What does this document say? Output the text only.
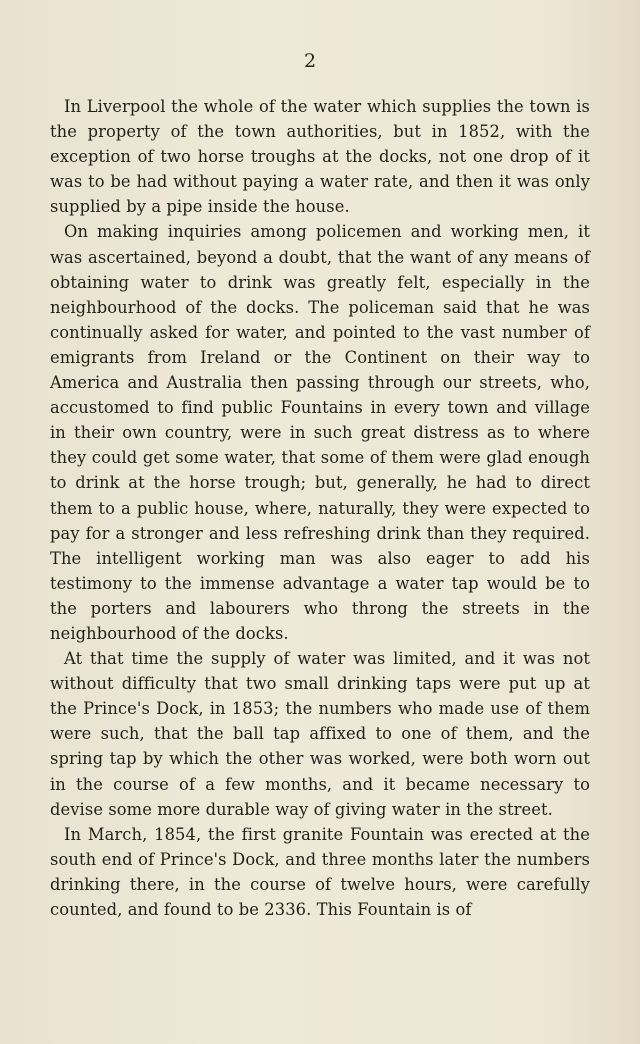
2

In Liverpool the whole of the water which supplies the town is the property of the town authorities, but in 1852, with the exception of two horse troughs at the docks, not one drop of it was to be had without paying a water rate, and then it was only supplied by a pipe inside the house.

On making inquiries among policemen and working men, it was ascertained, beyond a doubt, that the want of any means of obtaining water to drink was greatly felt, especially in the neighbourhood of the docks. The policeman said that he was continually asked for water, and pointed to the vast number of emigrants from Ireland or the Continent on their way to America and Australia then passing through our streets, who, accustomed to find public Fountains in every town and village in their own country, were in such great distress as to where they could get some water, that some of them were glad enough to drink at the horse trough; but, generally, he had to direct them to a public house, where, naturally, they were expected to pay for a stronger and less refreshing drink than they required. The intelligent working man was also eager to add his testimony to the immense advantage a water tap would be to the porters and labourers who throng the streets in the neighbourhood of the docks.

At that time the supply of water was limited, and it was not without difficulty that two small drinking taps were put up at the Prince's Dock, in 1853; the numbers who made use of them were such, that the ball tap affixed to one of them, and the spring tap by which the other was worked, were both worn out in the course of a few months, and it became necessary to devise some more durable way of giving water in the street.

In March, 1854, the first granite Fountain was erected at the south end of Prince's Dock, and three months later the numbers drinking there, in the course of twelve hours, were carefully counted, and found to be 2336. This Fountain is of
